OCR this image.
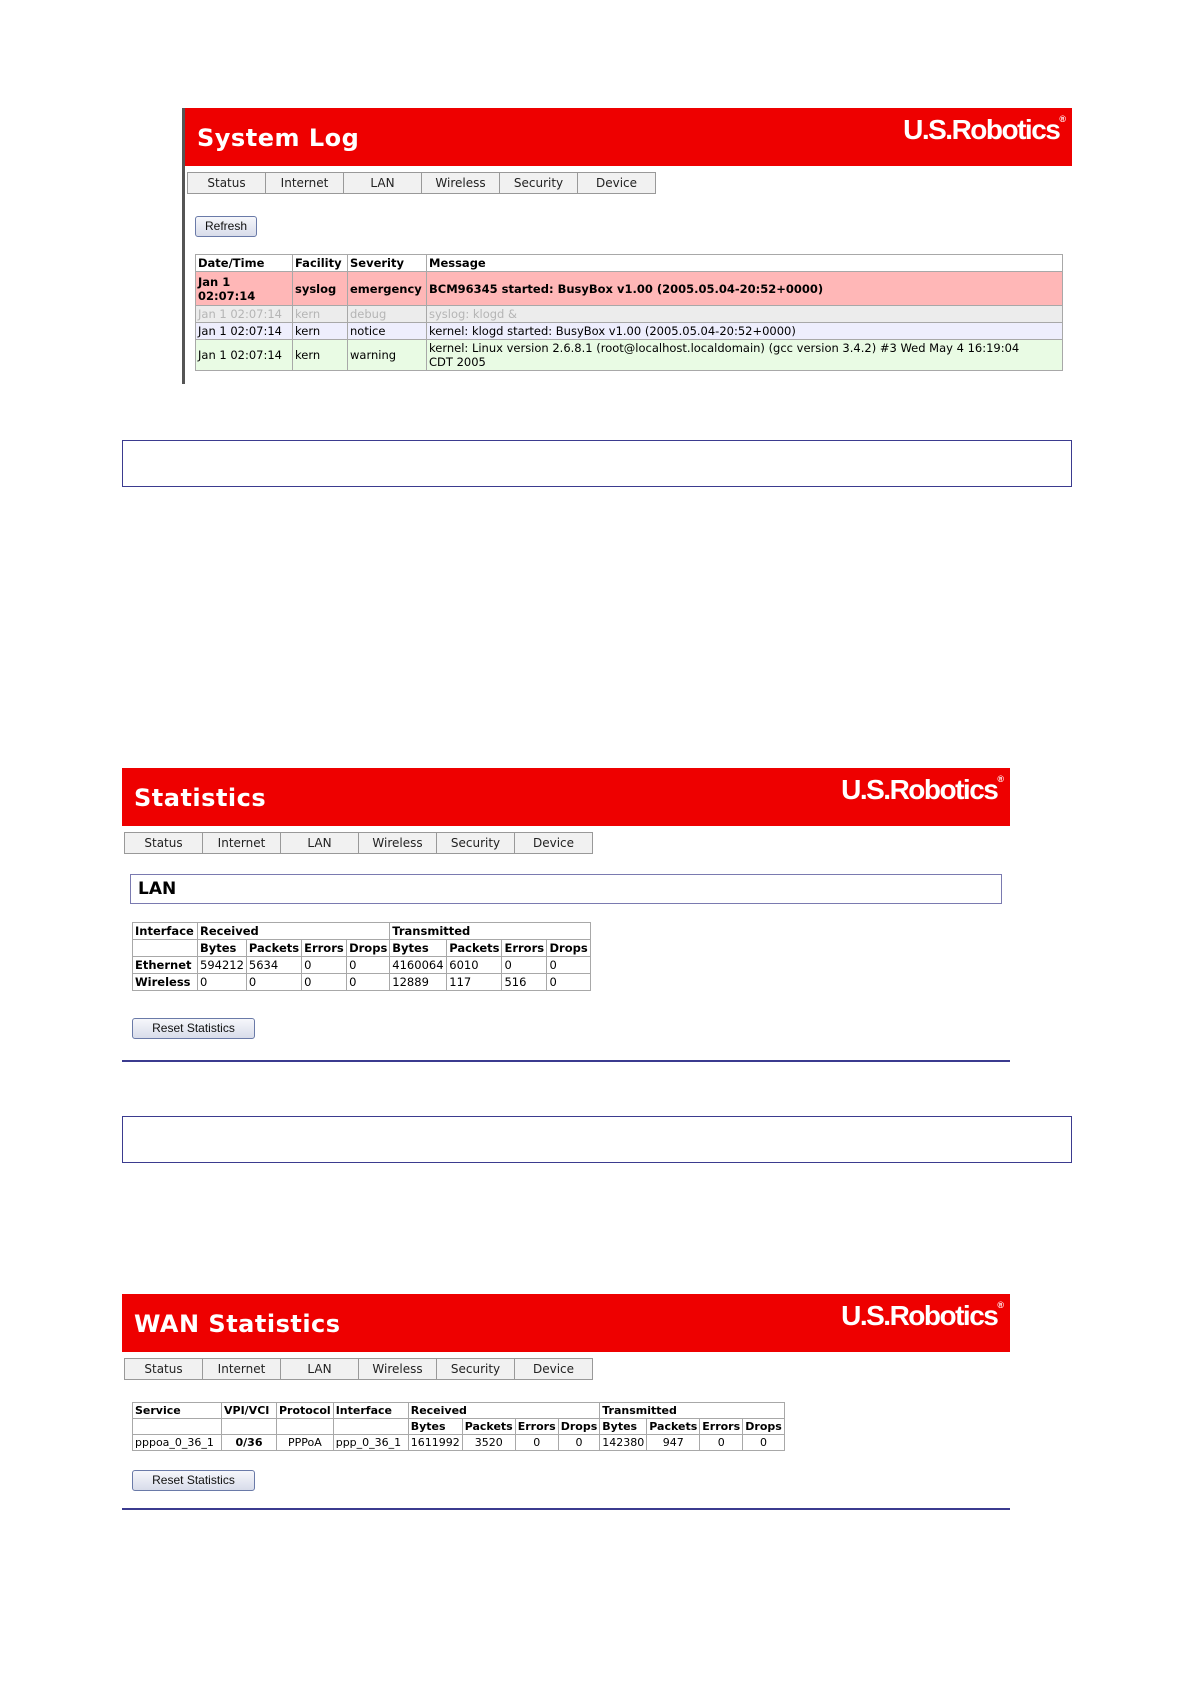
System Log	U.S.Robotics®
Status	Internet	LAN	Wireless	Security	Device
Refresh
Date/Time	Facility	Severity	Message
Jan 1
02:07:14	syslog	emergency	BCM96345 started: BusyBox v1.00 (2005.05.04-20:52+0000)
Jan 1 02:07:14	kern	debug	syslog: klogd &
Jan 1 02:07:14	kern	notice	kernel: klogd started: BusyBox v1.00 (2005.05.04-20:52+0000)
Jan 1 02:07:14	kern	warning	kernel: Linux version 2.6.8.1 (root@localhost.localdomain) (gcc version 3.4.2) #3 Wed May 4 16:19:04
CDT 2005
Statistics	U.S.Robotics®
Status	Internet	LAN	Wireless	Security	Device
LAN
Interface	Received				Transmitted			
	Bytes	Packets	Errors	Drops	Bytes	Packets	Errors	Drops
Ethernet	594212	5634	0	0	4160064	6010	0	0
Wireless	0	0	0	0	12889	117	516	0
Reset Statistics
WAN Statistics	U.S.Robotics®
Status	Internet	LAN	Wireless	Security	Device
Service	VPI/VCI	Protocol	Interface	Received				Transmitted			
				Bytes	Packets	Errors	Drops	Bytes	Packets	Errors	Drops
pppoa_0_36_1	0/36	PPPoA	ppp_0_36_1	1611992	3520	0	0	142380	947	0	0
Reset Statistics
